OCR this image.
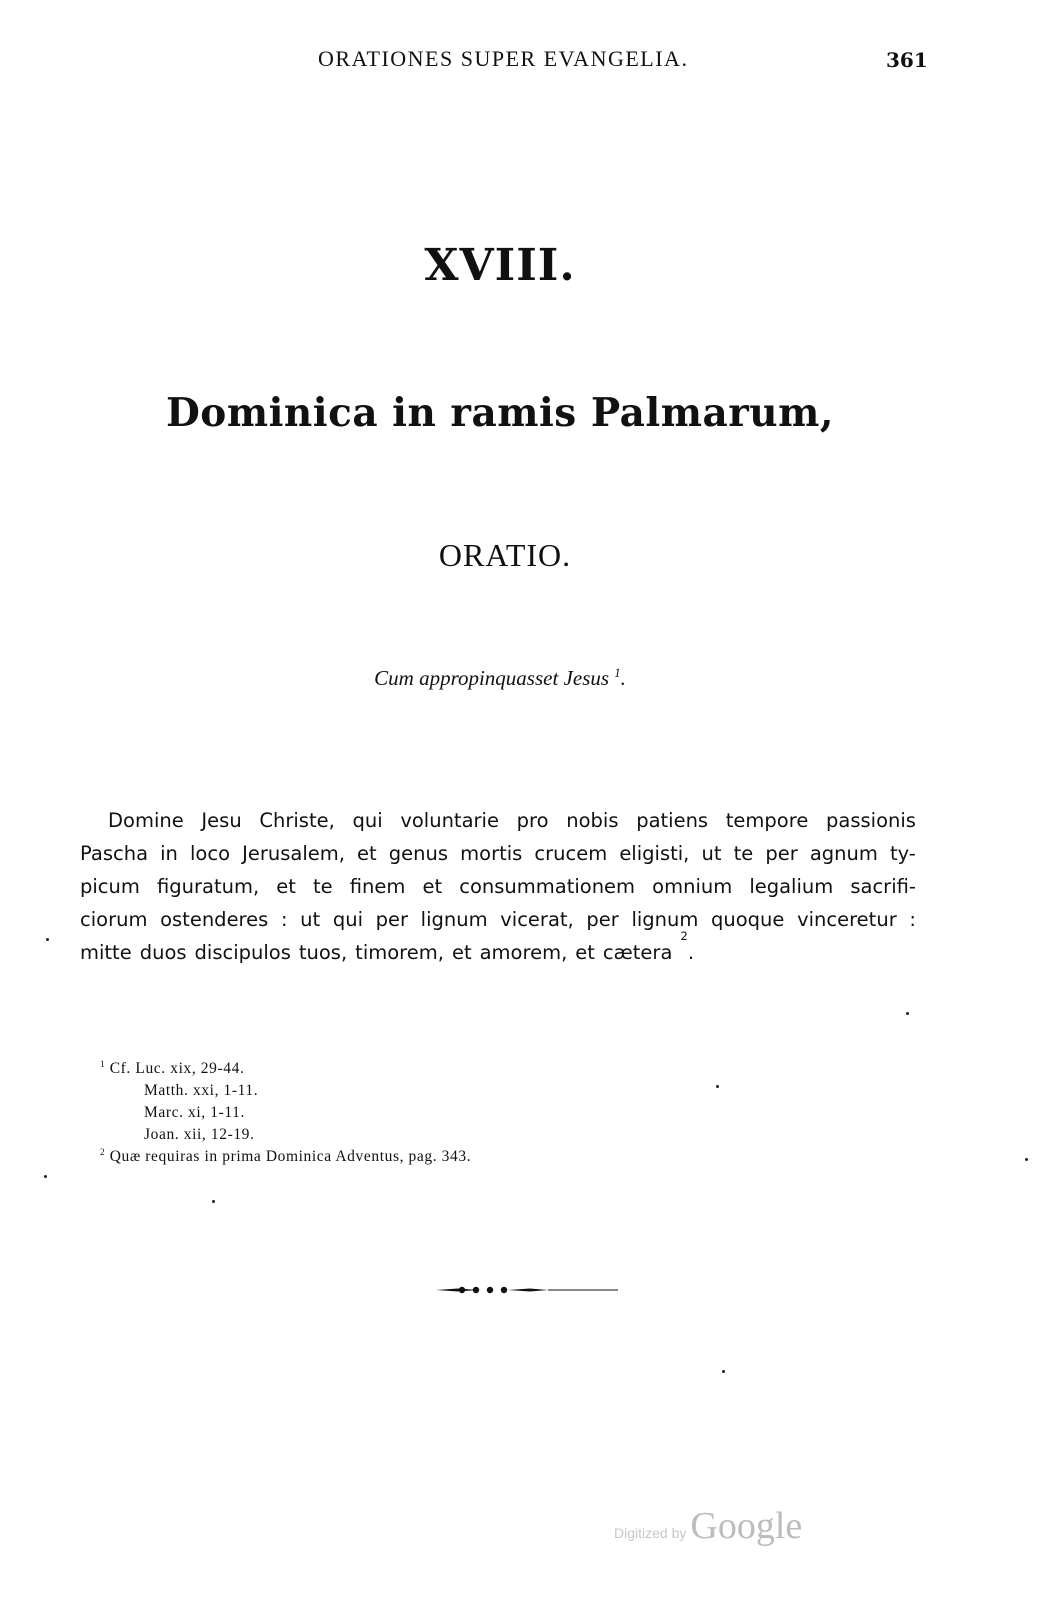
ORATIONES SUPER EVANGELIA.	361
XVIII.
Dominica in ramis Palmarum,
ORATIO.
Cum appropinquasset Jesus $^1$.
Domine Jesu Christe, qui voluntarie pro nobis patiens tempore passionis
Pascha in loco Jerusalem, et genus mortis crucem eligisti, ut te per agnum ty-
picum figuratum, et te finem et consummationem omnium legalium sacrifi-
ciorum ostenderes : ut qui per lignum vicerat, per lignum quoque vinceretur :
mitte duos discipulos tuos, timorem, et amorem, et cætera
2
.
$^1$ Cf. Luc. xix, 29-44.
Matth. xxi, 1-11.
Marc. xi, 1-11.
Joan. xii, 12-19.
$^2$ Quæ requiras in prima Dominica Adventus, pag. 343.
Digitized by Google
